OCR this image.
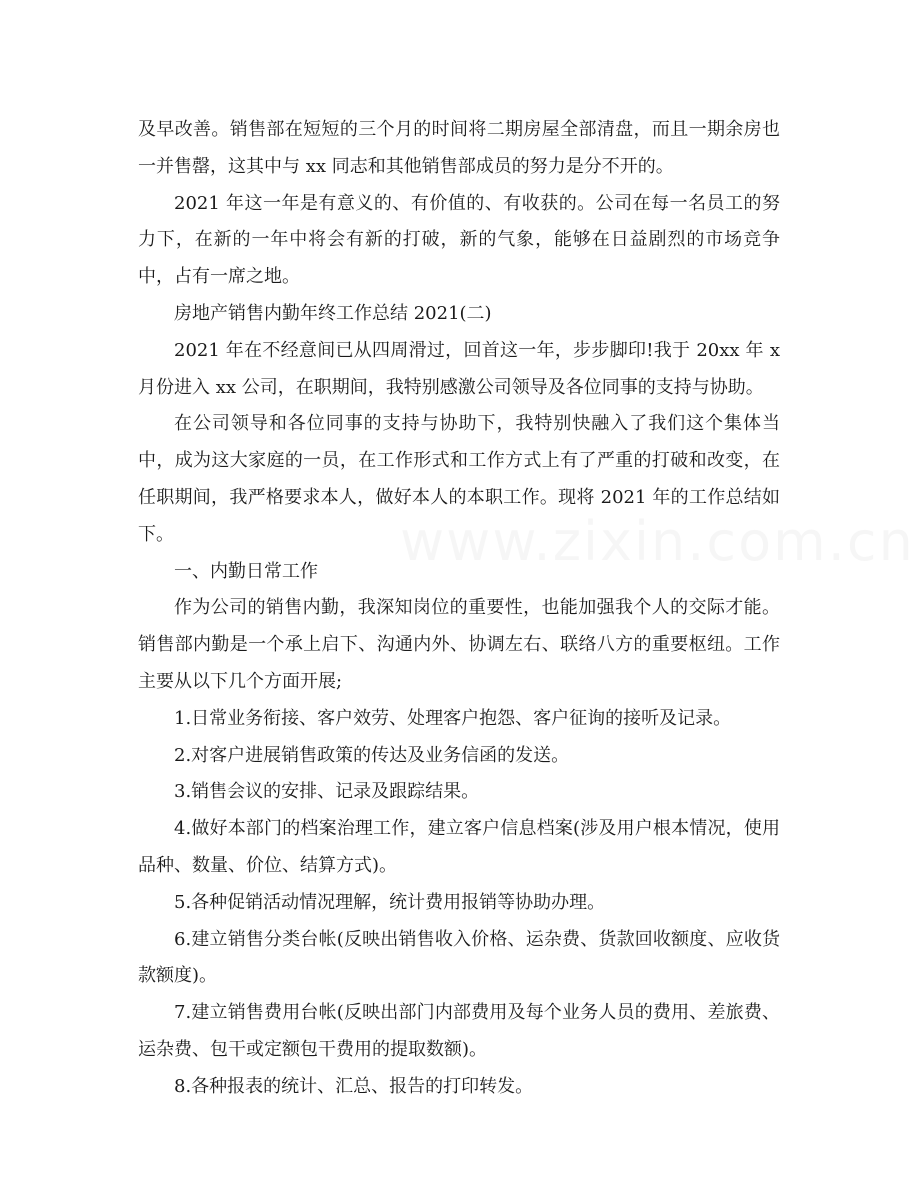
及早改善。销售部在短短的三个月的时间将二期房屋全部清盘，而且一期余房也一并售罄，这其中与 xx 同志和其他销售部成员的努力是分不开的。

2021 年这一年是有意义的、有价值的、有收获的。公司在每一名员工的努力下，在新的一年中将会有新的打破，新的气象，能够在日益剧烈的市场竞争中，占有一席之地。

房地产销售内勤年终工作总结 2021(二)

2021 年在不经意间已从四周滑过，回首这一年，步步脚印!我于 20xx 年 x 月份进入 xx 公司，在职期间，我特别感激公司领导及各位同事的支持与协助。

在公司领导和各位同事的支持与协助下，我特别快融入了我们这个集体当中，成为这大家庭的一员，在工作形式和工作方式上有了严重的打破和改变，在任职期间，我严格要求本人，做好本人的本职工作。现将 2021 年的工作总结如下。

一、内勤日常工作

作为公司的销售内勤，我深知岗位的重要性，也能加强我个人的交际才能。销售部内勤是一个承上启下、沟通内外、协调左右、联络八方的重要枢纽。工作主要从以下几个方面开展;

1.日常业务衔接、客户效劳、处理客户抱怨、客户征询的接听及记录。

2.对客户进展销售政策的传达及业务信函的发送。

3.销售会议的安排、记录及跟踪结果。

4.做好本部门的档案治理工作，建立客户信息档案(涉及用户根本情况，使用品种、数量、价位、结算方式)。

5.各种促销活动情况理解，统计费用报销等协助办理。

6.建立销售分类台帐(反映出销售收入价格、运杂费、货款回收额度、应收货款额度)。

7.建立销售费用台帐(反映出部门内部费用及每个业务人员的费用、差旅费、运杂费、包干或定额包干费用的提取数额)。

8.各种报表的统计、汇总、报告的打印转发。
